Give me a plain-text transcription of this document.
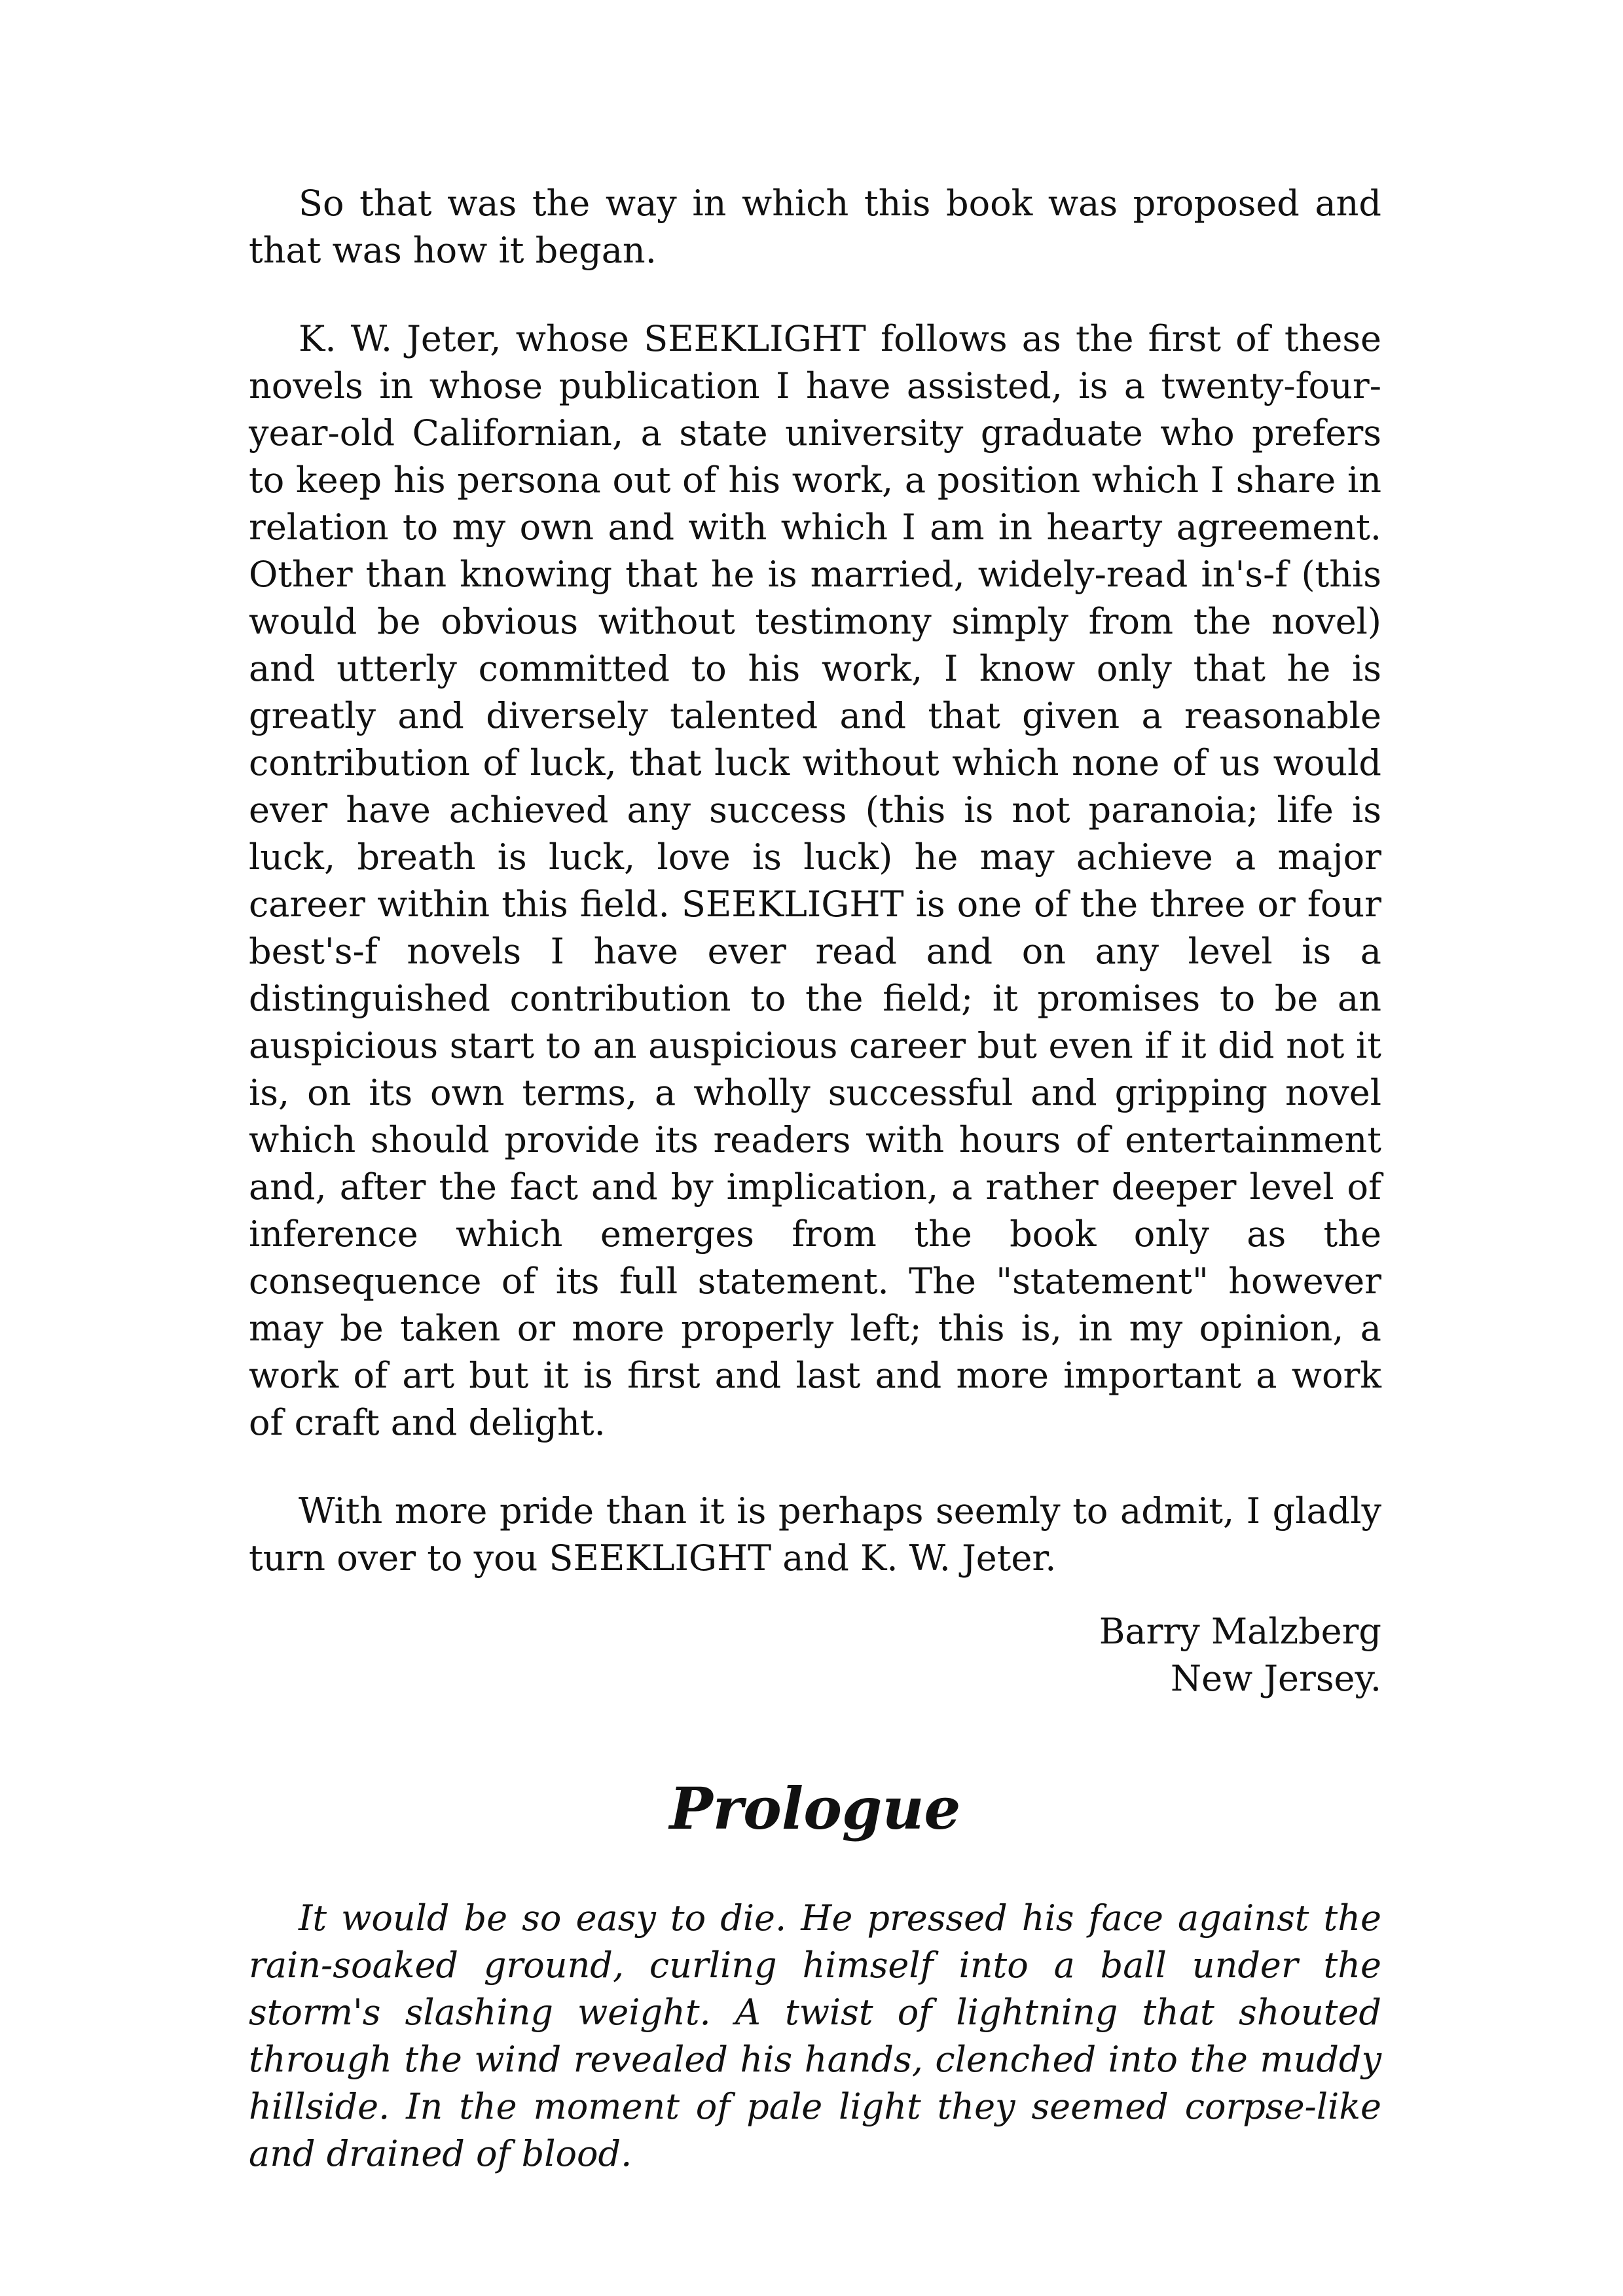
So that was the way in which this book was proposed and that was how it began.

K. W. Jeter, whose SEEKLIGHT follows as the first of these novels in whose publication I have assisted, is a twenty-four-year-old Californian, a state university graduate who prefers to keep his persona out of his work, a position which I share in relation to my own and with which I am in hearty agreement. Other than knowing that he is married, widely-read in's-f (this would be obvious without testimony simply from the novel) and utterly committed to his work, I know only that he is greatly and diversely talented and that given a reasonable contribution of luck, that luck without which none of us would ever have achieved any success (this is not paranoia; life is luck, breath is luck, love is luck) he may achieve a major career within this field. SEEKLIGHT is one of the three or four best's-f novels I have ever read and on any level is a distinguished contribution to the field; it promises to be an auspicious start to an auspicious career but even if it did not it is, on its own terms, a wholly successful and gripping novel which should provide its readers with hours of entertainment and, after the fact and by implication, a rather deeper level of inference which emerges from the book only as the consequence of its full statement. The "statement" however may be taken or more properly left; this is, in my opinion, a work of art but it is first and last and more important a work of craft and delight.

With more pride than it is perhaps seemly to admit, I gladly turn over to you SEEKLIGHT and K. W. Jeter.

Barry Malzberg
New Jersey.
Prologue

It would be so easy to die. He pressed his face against the rain-soaked ground, curling himself into a ball under the storm's slashing weight. A twist of lightning that shouted through the wind revealed his hands, clenched into the muddy hillside. In the moment of pale light they seemed corpse-like and drained of blood.
